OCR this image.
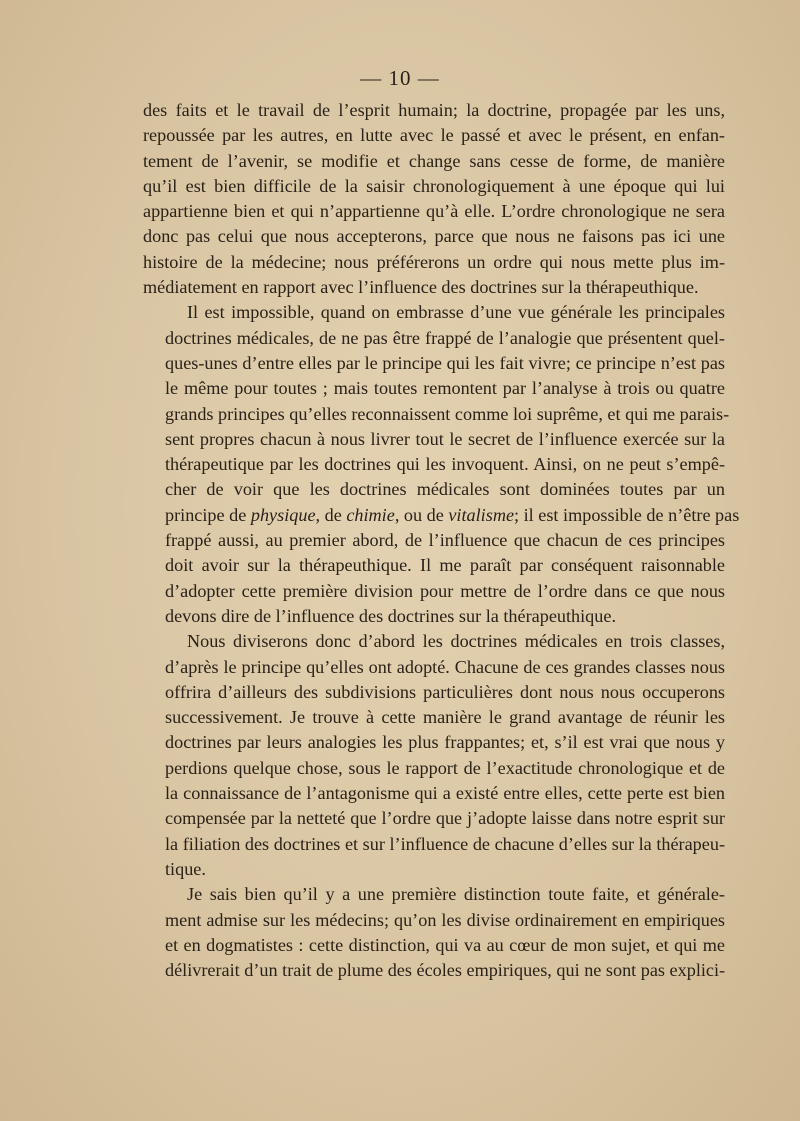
— 10 —
des faits et le travail de l’esprit humain; la doctrine, propagée par les uns,
repoussée par les autres, en lutte avec le passé et avec le présent, en enfan-
tement de l’avenir, se modifie et change sans cesse de forme, de manière
qu’il est bien difficile de la saisir chronologiquement à une époque qui lui
appartienne bien et qui n’appartienne qu’à elle. L’ordre chronologique ne sera
donc pas celui que nous accepterons, parce que nous ne faisons pas ici une
histoire de la médecine; nous préférerons un ordre qui nous mette plus im-
médiatement en rapport avec l’influence des doctrines sur la thérapeuthique.
Il est impossible, quand on embrasse d’une vue générale les principales
doctrines médicales, de ne pas être frappé de l’analogie que présentent quel-
ques-unes d’entre elles par le principe qui les fait vivre; ce principe n’est pas
le même pour toutes ; mais toutes remontent par l’analyse à trois ou quatre
grands principes qu’elles reconnaissent comme loi suprême, et qui me parais-
sent propres chacun à nous livrer tout le secret de l’influence exercée sur la
thérapeutique par les doctrines qui les invoquent. Ainsi, on ne peut s’empê-
cher de voir que les doctrines médicales sont dominées toutes par un
principe de physique, de chimie, ou de vitalisme; il est impossible de n’être pas
frappé aussi, au premier abord, de l’influence que chacun de ces principes
doit avoir sur la thérapeuthique. Il me paraît par conséquent raisonnable
d’adopter cette première division pour mettre de l’ordre dans ce que nous
devons dire de l’influence des doctrines sur la thérapeuthique.
Nous diviserons donc d’abord les doctrines médicales en trois classes,
d’après le principe qu’elles ont adopté. Chacune de ces grandes classes nous
offrira d’ailleurs des subdivisions particulières dont nous nous occuperons
successivement. Je trouve à cette manière le grand avantage de réunir les
doctrines par leurs analogies les plus frappantes; et, s’il est vrai que nous y
perdions quelque chose, sous le rapport de l’exactitude chronologique et de
la connaissance de l’antagonisme qui a existé entre elles, cette perte est bien
compensée par la netteté que l’ordre que j’adopte laisse dans notre esprit sur
la filiation des doctrines et sur l’influence de chacune d’elles sur la thérapeu-
tique.
Je sais bien qu’il y a une première distinction toute faite, et générale-
ment admise sur les médecins; qu’on les divise ordinairement en empiriques
et en dogmatistes : cette distinction, qui va au cœur de mon sujet, et qui me
délivrerait d’un trait de plume des écoles empiriques, qui ne sont pas explici-
